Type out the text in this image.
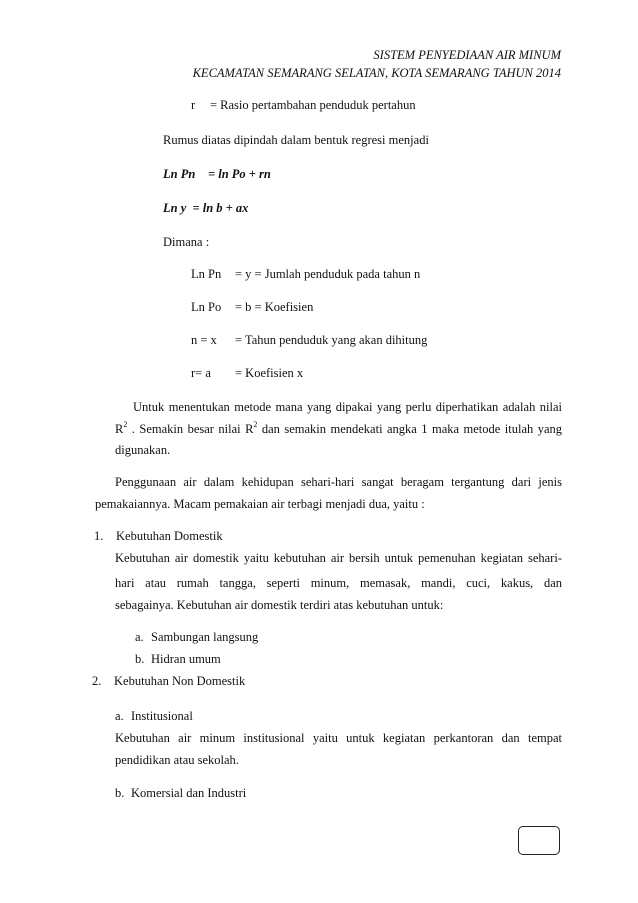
SISTEM PENYEDIAAN AIR MINUM
KECAMATAN SEMARANG SELATAN, KOTA SEMARANG TAHUN 2014
r = Rasio pertambahan penduduk pertahun
Rumus diatas dipindah dalam bentuk regresi menjadi
Ln Pn = ln Po + rn
Ln y  = ln b + ax
Dimana :
Ln Pn = y = Jumlah penduduk pada tahun n
Ln Po = b = Koefisien
n = x = Tahun penduduk yang akan dihitung
r= a = Koefisien x
Untuk menentukan metode mana yang dipakai yang perlu diperhatikan adalah nilai
$R^2$ . Semakin besar nilai $R^2$ dan semakin mendekati angka 1 maka metode itulah yang
digunakan.
Penggunaan air dalam kehidupan sehari-hari sangat beragam tergantung dari jenis
pemakaiannya. Macam pemakaian air terbagi menjadi dua, yaitu :
1. Kebutuhan Domestik
Kebutuhan air domestik yaitu kebutuhan air bersih untuk pemenuhan kegiatan sehari-
hari atau rumah tangga, seperti minum, memasak, mandi, cuci, kakus, dan
sebagainya. Kebutuhan air domestik terdiri atas kebutuhan untuk:
a. Sambungan langsung
b. Hidran umum
2. Kebutuhan Non Domestik
a. Institusional
Kebutuhan air minum institusional yaitu untuk kegiatan perkantoran dan tempat
pendidikan atau sekolah.
b. Komersial dan Industri
